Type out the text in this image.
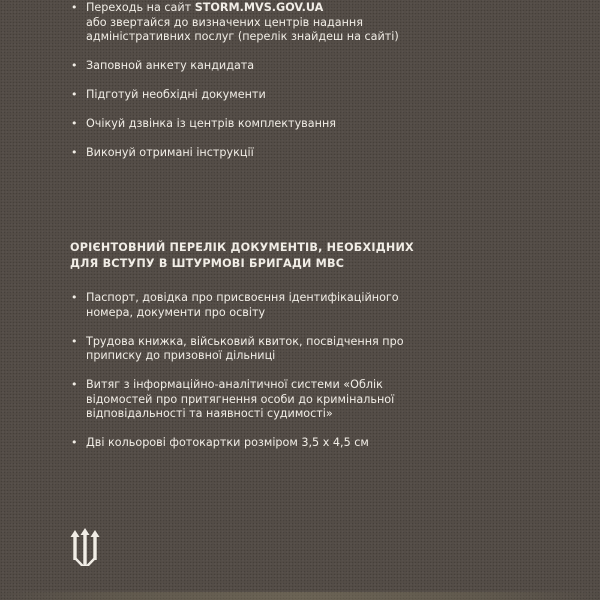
• Переходь на сайт STORM.MVS.GOV.UA
або звертайся до визначених центрів надання
адміністративних послуг (перелік знайдеш на сайті)
• Заповной анкету кандидата
• Підготуй необхідні документи
• Очікуй дзвінка із центрів комплектування
• Виконуй отримані інструкції
ОРІЄНТОВНИЙ ПЕРЕЛІК ДОКУМЕНТІВ, НЕОБХІДНИХ
ДЛЯ ВСТУПУ В ШТУРМОВІ БРИГАДИ МВС
• Паспорт, довідка про присвоєння ідентифікаційного
номера, документи про освіту
• Трудова книжка, військовий квиток, посвідчення про
приписку до призовної дільниці
• Витяг з інформаційно-аналітичної системи «Облік
відомостей про притягнення особи до кримінальної
відповідальності та наявності судимості»
• Дві кольорові фотокартки розміром 3,5 х 4,5 см
